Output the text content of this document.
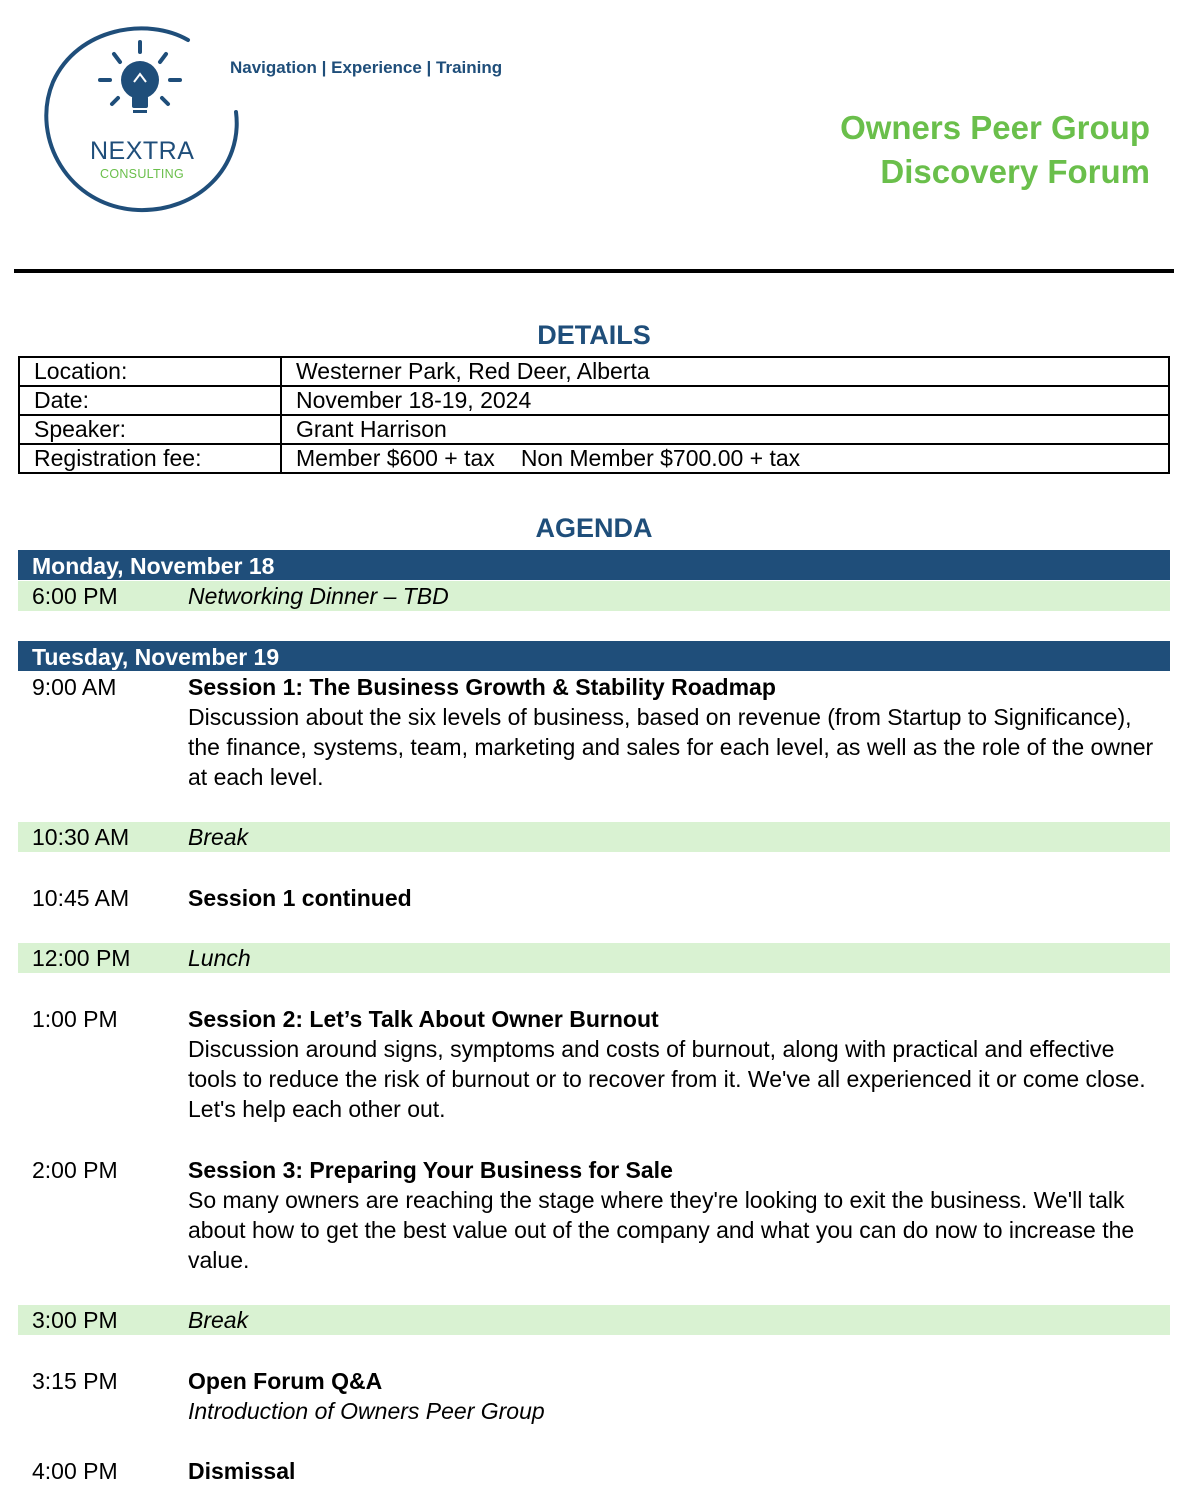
NEXTRA
CONSULTING
Navigation | Experience | Training
Owners Peer Group
Discovery Forum
DETAILS
Location:	Westerner Park, Red Deer, Alberta
Date:	November 18-19, 2024
Speaker:	Grant Harrison
Registration fee:	Member $600 + tax Non Member $700.00 + tax
AGENDA
Monday, November 18
6:00 PM	Networking Dinner – TBD
Tuesday, November 19
9:00 AM	Session 1: The Business Growth & Stability Roadmap
Discussion about the six levels of business, based on revenue (from Startup to Significance), the finance, systems, team, marketing and sales for each level, as well as the role of the owner at each level.
10:30 AM	Break
10:45 AM	Session 1 continued
12:00 PM	Lunch
1:00 PM	Session 2: Let’s Talk About Owner Burnout
Discussion around signs, symptoms and costs of burnout, along with practical and effective tools to reduce the risk of burnout or to recover from it. We've all experienced it or come close. Let's help each other out.
2:00 PM	Session 3: Preparing Your Business for Sale
So many owners are reaching the stage where they're looking to exit the business. We'll talk about how to get the best value out of the company and what you can do now to increase the value.
3:00 PM	Break
3:15 PM	Open Forum Q&A
Introduction of Owners Peer Group
4:00 PM	Dismissal
